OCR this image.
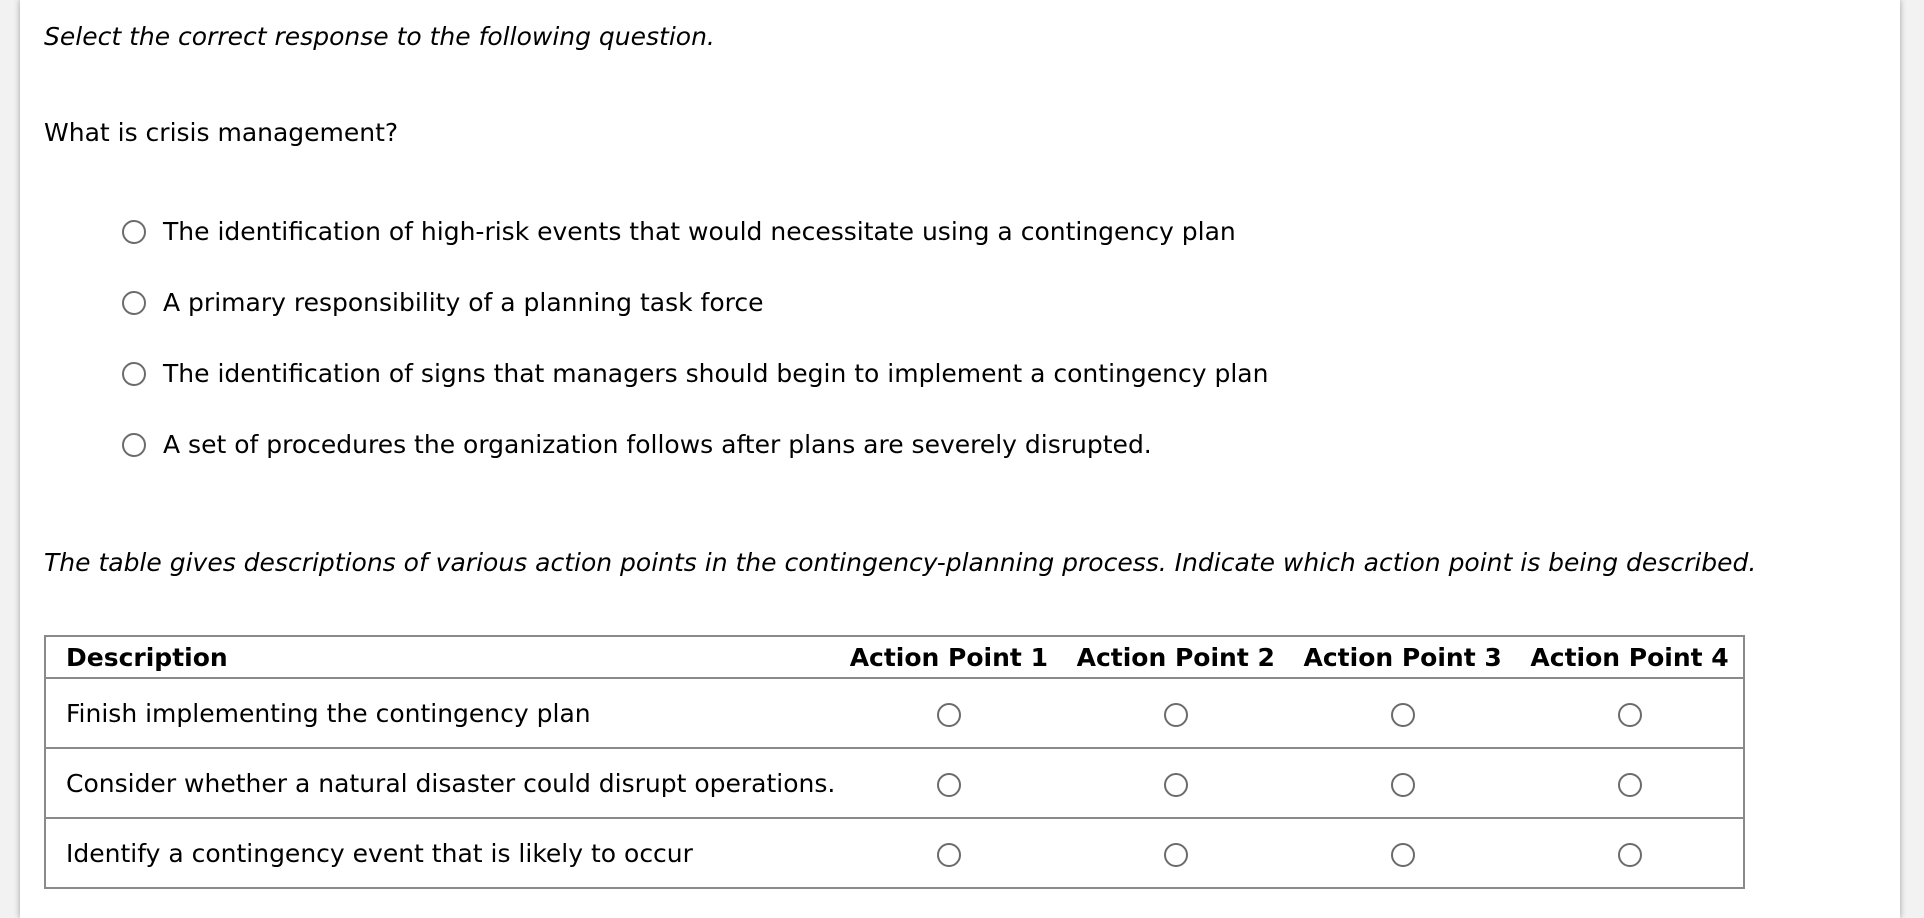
Select the correct response to the following question.
What is crisis management?
The identification of high-risk events that would necessitate using a contingency plan
A primary responsibility of a planning task force
The identification of signs that managers should begin to implement a contingency plan
A set of procedures the organization follows after plans are severely disrupted.
The table gives descriptions of various action points in the contingency-planning process. Indicate which action point is being described.
Description	Action Point 1	Action Point 2	Action Point 3	Action Point 4
Finish implementing the contingency plan				
Consider whether a natural disaster could disrupt operations.				
Identify a contingency event that is likely to occur				
